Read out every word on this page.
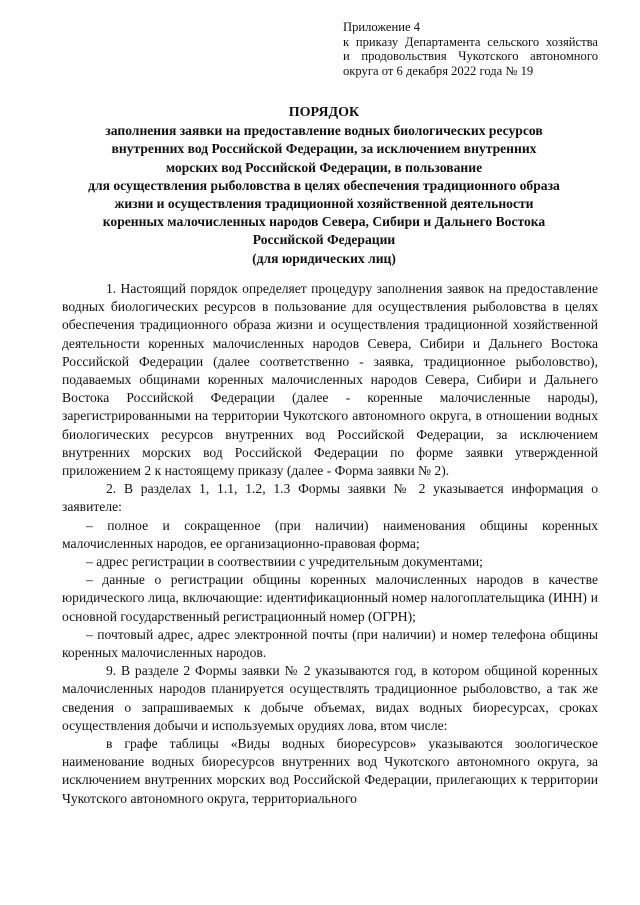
Приложение 4
к приказу Департамента сельского хозяйства
и продовольствия Чукотского автономного
округа от 6 декабря 2022 года № 19
ПОРЯДОК
заполнения заявки на предоставление водных биологических ресурсов
внутренних вод Российской Федерации, за исключением внутренних
морских вод Российской Федерации, в пользование
для осуществления рыболовства в целях обеспечения традиционного образа
жизни и осуществления традиционной хозяйственной деятельности
коренных малочисленных народов Севера, Сибири и Дальнего Востока
Российской Федерации
(для юридических лиц)

1. Настоящий порядок определяет процедуру заполнения заявок на предоставление водных биологических ресурсов в пользование для осуществления рыболовства в целях обеспечения традиционного образа жизни и осуществления традиционной хозяйственной деятельности коренных малочисленных народов Севера, Сибири и Дальнего Востока Российской Федерации (далее соответственно - заявка, традиционное рыболовство), подаваемых общинами коренных малочисленных народов Севера, Сибири и Дальнего Востока Российской Федерации (далее - коренные малочисленные народы), зарегистрированными на территории Чукотского автономного округа, в отношении водных биологических ресурсов внутренних вод Российской Федерации, за исключением внутренних морских вод Российской Федерации по форме заявки утвержденной приложением 2 к настоящему приказу (далее - Форма заявки № 2).

2. В разделах 1, 1.1, 1.2, 1.3 Формы заявки № 2 указывается информация о заявителе:

– полное и сокращенное (при наличии) наименования общины коренных малочисленных народов, ее организационно-правовая форма;

– адрес регистрации в соотвествиии с учредительным документами;

– данные о регистрации общины коренных малочисленных народов в качестве юридического лица, включающие: идентификационный номер налогоплательщика (ИНН) и основной государственный регистрационный номер (ОГРН);

– почтовый адрес, адрес электронной почты (при наличии) и номер телефона общины коренных малочисленных народов.

9. В разделе 2 Формы заявки № 2 указываются год, в котором общиной коренных малочисленных народов планируется осуществлять традиционное рыболовство, а так же сведения о запрашиваемых к добыче объемах, видах водных биоресурсах, сроках осуществления добычи и используемых орудиях лова, втом числе:

в графе таблицы «Виды водных биоресурсов» указываются зоологическое наименование водных биоресурсов внутренних вод Чукотского автономного округа, за исключением внутренних морских вод Российской Федерации, прилегающих к территории Чукотского автономного округа, территориального
